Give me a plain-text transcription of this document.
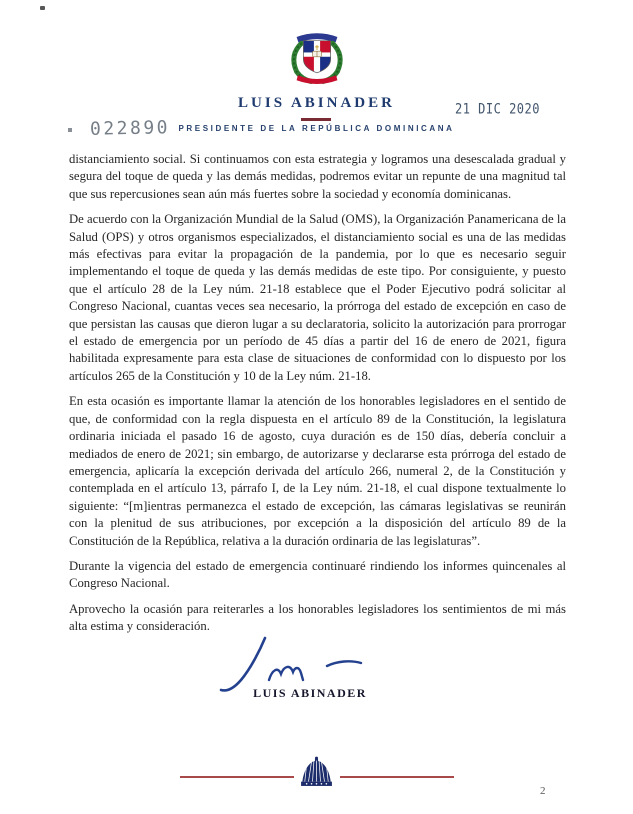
LUIS ABINADER
PRESIDENTE DE LA REPÚBLICA DOMINICANA
022890
21 DIC 2020

distanciamiento social. Si continuamos con esta estrategia y logramos una desescalada gradual y segura del toque de queda y las demás medidas, podremos evitar un repunte de una magnitud tal que sus repercusiones sean aún más fuertes sobre la sociedad y economía dominicanas.

De acuerdo con la Organización Mundial de la Salud (OMS), la Organización Panamericana de la Salud (OPS) y otros organismos especializados, el distanciamiento social es una de las medidas más efectivas para evitar la propagación de la pandemia, por lo que es necesario seguir implementando el toque de queda y las demás medidas de este tipo. Por consiguiente, y puesto que el artículo 28 de la Ley núm. 21-18 establece que el Poder Ejecutivo podrá solicitar al Congreso Nacional, cuantas veces sea necesario, la prórroga del estado de excepción en caso de que persistan las causas que dieron lugar a su declaratoria, solicito la autorización para prorrogar el estado de emergencia por un período de 45 días a partir del 16 de enero de 2021, figura habilitada expresamente para esta clase de situaciones de conformidad con lo dispuesto por los artículos 265 de la Constitución y 10 de la Ley núm. 21-18.

En esta ocasión es importante llamar la atención de los honorables legisladores en el sentido de que, de conformidad con la regla dispuesta en el artículo 89 de la Constitución, la legislatura ordinaria iniciada el pasado 16 de agosto, cuya duración es de 150 días, debería concluir a mediados de enero de 2021; sin embargo, de autorizarse y declararse esta prórroga del estado de emergencia, aplicaría la excepción derivada del artículo 266, numeral 2, de la Constitución y contemplada en el artículo 13, párrafo I, de la Ley núm. 21-18, el cual dispone textualmente lo siguiente: “[m]ientras permanezca el estado de excepción, las cámaras legislativas se reunirán con la plenitud de sus atribuciones, por excepción a la disposición del artículo 89 de la Constitución de la República, relativa a la duración ordinaria de las legislaturas”.

Durante la vigencia del estado de emergencia continuaré rindiendo los informes quincenales al Congreso Nacional.

Aprovecho la ocasión para reiterarles a los honorables legisladores los sentimientos de mi más alta estima y consideración.

LUIS ABINADER
2
